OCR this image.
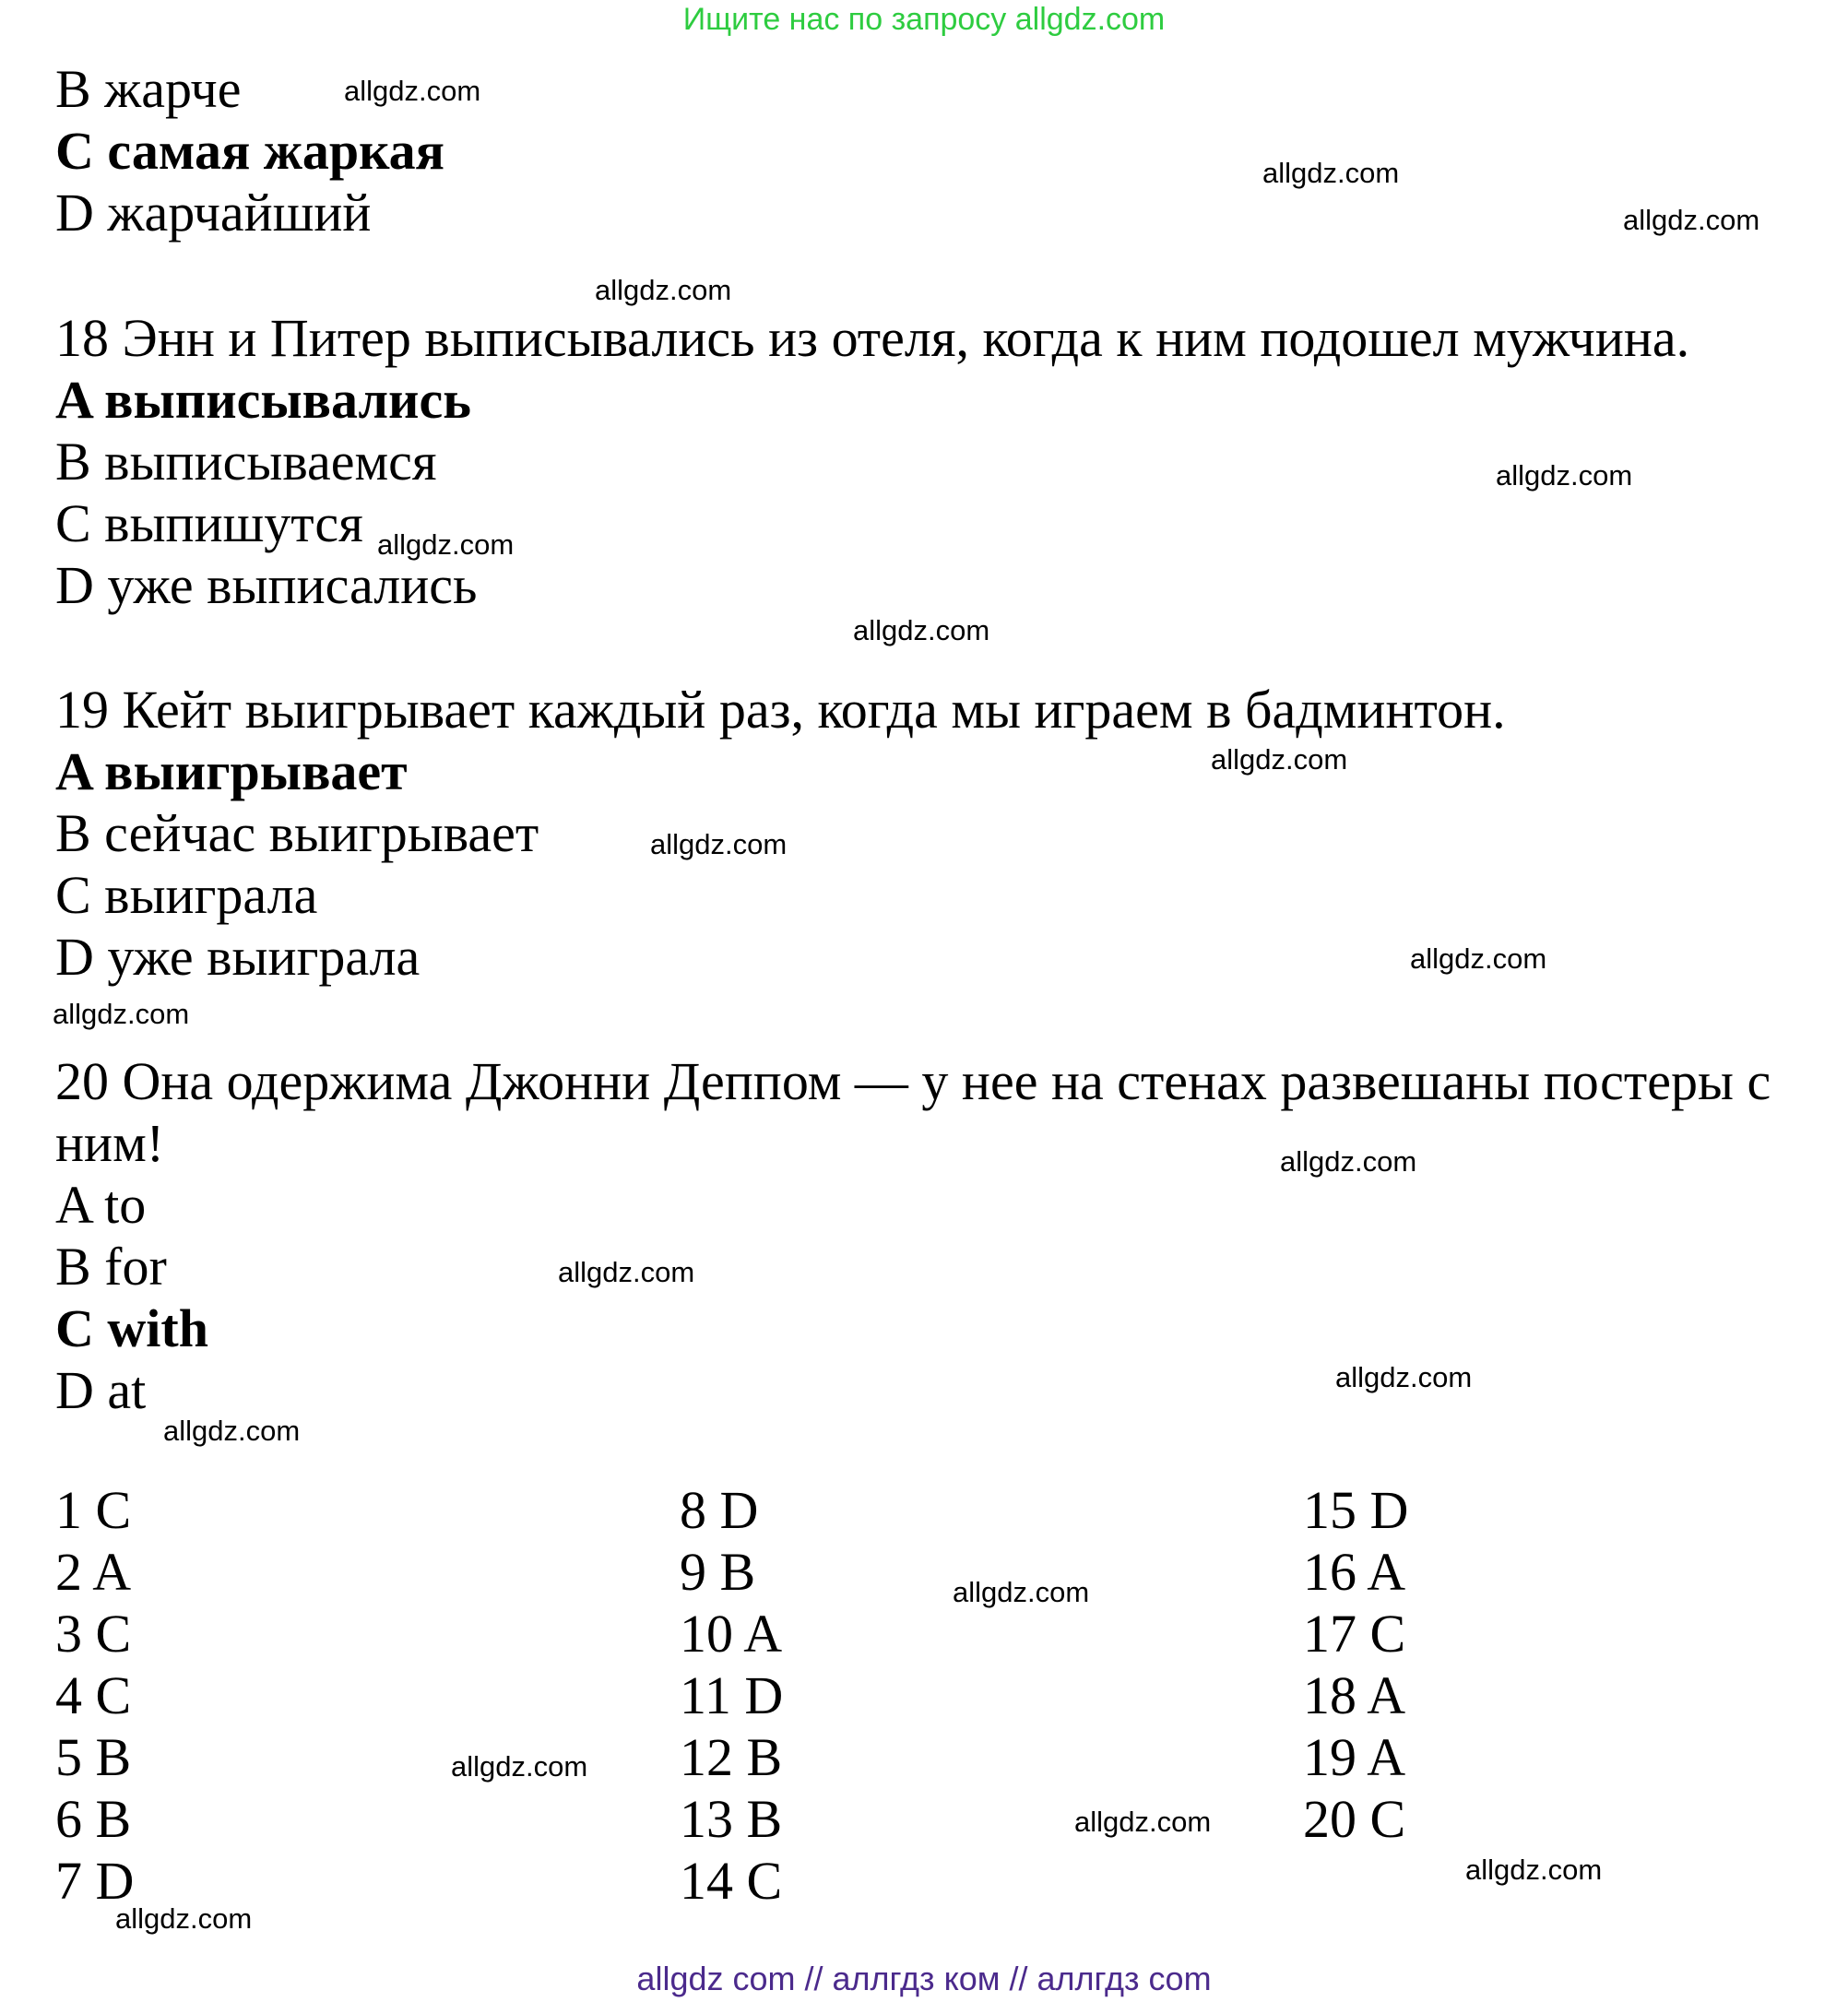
Ищите нас по запросу allgdz.com
B жарче
C самая жаркая
D жарчайший
18 Энн и Питер выписывались из отеля, когда к ним подошел мужчина.
A выписывались
B выписываемся
C выпишутся
D уже выписались
19 Кейт выигрывает каждый раз, когда мы играем в бадминтон.
A выигрывает
B сейчас выигрывает
C выиграла
D уже выиграла
20 Она одержима Джонни Деппом — у нее на стенах развешаны постеры с
ним!
A to
B for
C with
D at
1 C
2 A
3 C
4 C
5 B
6 B
7 D
8 D
9 B
10 A
11 D
12 B
13 B
14 C
15 D
16 A
17 C
18 A
19 A
20 C
allgdz.com
allgdz.com
allgdz.com
allgdz.com
allgdz.com
allgdz.com
allgdz.com
allgdz.com
allgdz.com
allgdz.com
allgdz.com
allgdz.com
allgdz.com
allgdz.com
allgdz.com
allgdz.com
allgdz.com
allgdz.com
allgdz.com
allgdz.com
allgdz com // аллгдз ком // аллгдз com
